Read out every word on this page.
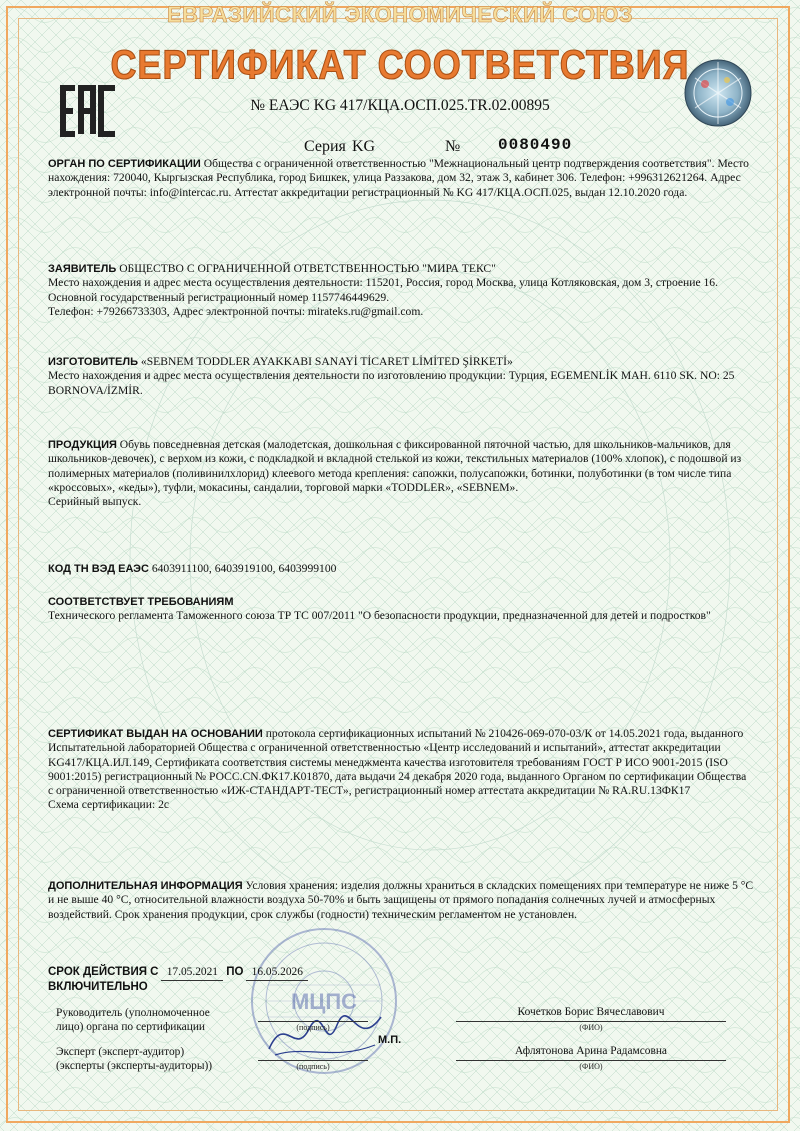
ЕВРАЗИЙСКИЙ ЭКОНОМИЧЕСКИЙ СОЮЗ
СЕРТИФИКАТ СООТВЕТСТВИЯ
№ ЕАЭС KG 417/КЦА.ОСП.025.TR.02.00895
Серия KG	№ 0080490
ОРГАН ПО СЕРТИФИКАЦИИ Общества с ограниченной ответственностью "Межнациональный центр подтверждения соответствия". Место нахождения: 720040, Кыргызская Республика, город Бишкек, улица Раззакова, дом 32, этаж 3, кабинет 306. Телефон: +996312621264. Адрес электронной почты: info@intercac.ru. Аттестат аккредитации регистрационный № KG 417/КЦА.ОСП.025, выдан 12.10.2020 года.
ЗАЯВИТЕЛЬ ОБЩЕСТВО С ОГРАНИЧЕННОЙ ОТВЕТСТВЕННОСТЬЮ "МИРА ТЕКС"
Место нахождения и адрес места осуществления деятельности: 115201, Россия, город Москва, улица Котляковская, дом 3, строение 16.
Основной государственный регистрационный номер 1157746449629.
Телефон: +79266733303, Адрес электронной почты: mirateks.ru@gmail.com.
ИЗГОТОВИТЕЛЬ «SEBNEM TODDLER AYAKKABI SANAYİ TİCARET LİMİTED ŞİRKETİ»
Место нахождения и адрес места осуществления деятельности по изготовлению продукции: Турция, EGEMENLİK MAH. 6110 SK. NO: 25 BORNOVA/İZMİR.
ПРОДУКЦИЯ Обувь повседневная детская (малодетская, дошкольная с фиксированной пяточной частью, для школьников-мальчиков, для школьников-девочек), с верхом из кожи, с подкладкой и вкладной стелькой из кожи, текстильных материалов (100% хлопок), с подошвой из полимерных материалов (поливинилхлорид) клеевого метода крепления: сапожки, полусапожки, ботинки, полуботинки (в том числе типа «кроссовых», «кеды»), туфли, мокасины, сандалии, торговой марки «TODDLER», «SEBNEM».
Серийный выпуск.
КОД ТН ВЭД ЕАЭС 6403911100, 6403919100, 6403999100
СООТВЕТСТВУЕТ ТРЕБОВАНИЯМ
Технического регламента Таможенного союза ТР ТС 007/2011 "О безопасности продукции, предназначенной для детей и подростков"
СЕРТИФИКАТ ВЫДАН НА ОСНОВАНИИ протокола сертификационных испытаний № 210426-069-070-03/К от 14.05.2021 года, выданного Испытательной лабораторией Общества с ограниченной ответственностью «Центр исследований и испытаний», аттестат аккредитации KG417/КЦА.ИЛ.149, Сертификата соответствия системы менеджмента качества изготовителя требованиям ГОСТ Р ИСО 9001-2015 (ISO 9001:2015) регистрационный № РОСС.CN.ФК17.К01870, дата выдачи 24 декабря 2020 года, выданного Органом по сертификации Общества с ограниченной ответственностью «ИЖ-СТАНДАРТ-ТЕСТ», регистрационный номер аттестата аккредитации № RA.RU.13ФК17
Схема сертификации: 2с
ДОПОЛНИТЕЛЬНАЯ ИНФОРМАЦИЯ Условия хранения: изделия должны храниться в складских помещениях при температуре не ниже 5 °С и не выше 40 °С, относительной влажности воздуха 50-70% и быть защищены от прямого попадания солнечных лучей и атмосферных воздействий. Срок хранения продукции, срок службы (годности) техническим регламентом не установлен.
МЦПС
СРОК ДЕЙСТВИЯ С 17.05.2021 ПО 16.05.2026
ВКЛЮЧИТЕЛЬНО
Руководитель (уполномоченное
лицо) органа по сертификации	(подпись)
Кочетков Борис Вячеславович
(ФИО)
М.П.
Эксперт (эксперт-аудитор)
(эксперты (эксперты-аудиторы))	(подпись)
Афлятонова Арина Радамсовна
(ФИО)
